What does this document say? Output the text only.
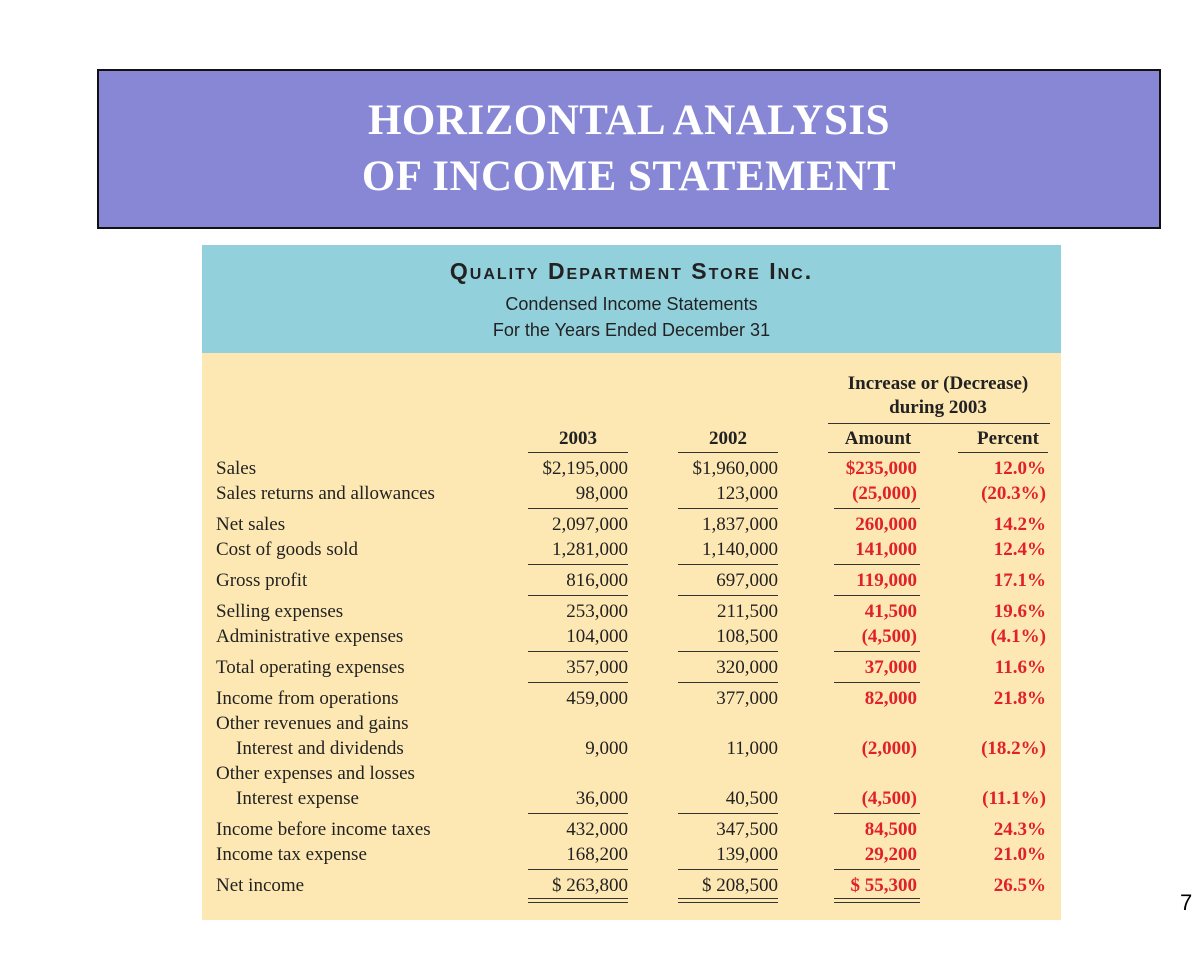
HORIZONTAL ANALYSIS
OF INCOME STATEMENT
Quality Department Store Inc.
Condensed Income Statements
For the Years Ended December 31
Increase or (Decrease)
during 2003
2003	2002	Amount	Percent
Sales	$2,195,000	$1,960,000	$235,000	12.0%
Sales returns and allowances	98,000	123,000	(25,000)	(20.3%)
Net sales	2,097,000	1,837,000	260,000	14.2%
Cost of goods sold	1,281,000	1,140,000	141,000	12.4%
Gross profit	816,000	697,000	119,000	17.1%
Selling expenses	253,000	211,500	41,500	19.6%
Administrative expenses	104,000	108,500	(4,500)	(4.1%)
Total operating expenses	357,000	320,000	37,000	11.6%
Income from operations	459,000	377,000	82,000	21.8%
Other revenues and gains
Interest and dividends	9,000	11,000	(2,000)	(18.2%)
Other expenses and losses
Interest expense	36,000	40,500	(4,500)	(11.1%)
Income before income taxes	432,000	347,500	84,500	24.3%
Income tax expense	168,200	139,000	29,200	21.0%
Net income	$ 263,800	$ 208,500	$ 55,300	26.5%
7
